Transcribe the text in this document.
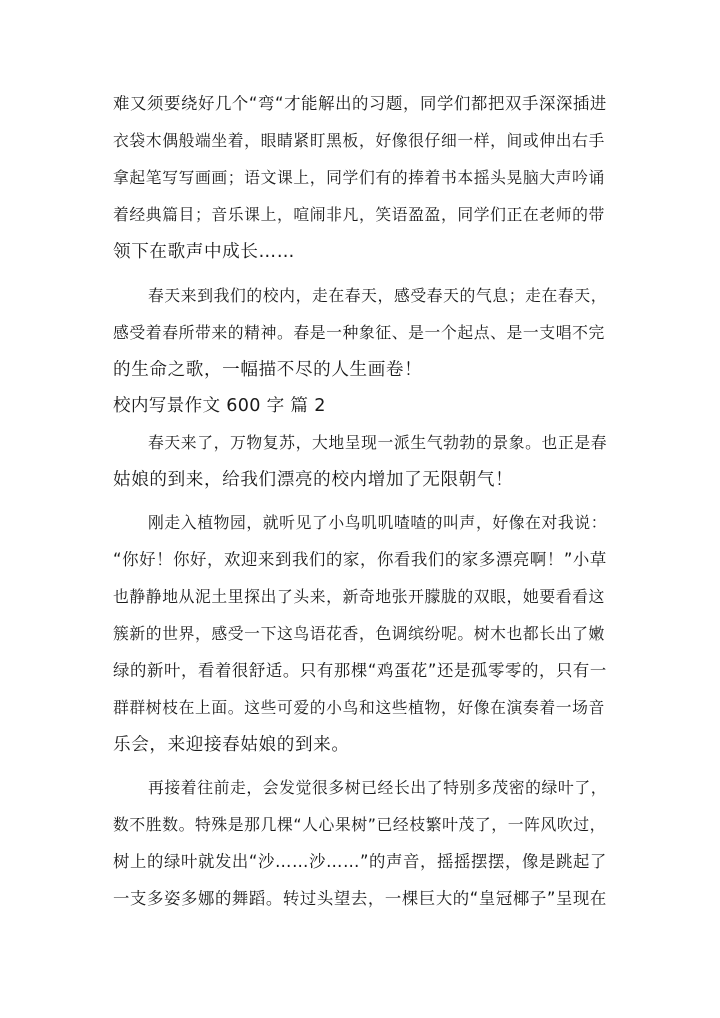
难又须要绕好几个“弯“才能解出的习题，同学们都把双手深深插进
衣袋木偶般端坐着，眼睛紧盯黑板，好像很仔细一样，间或伸出右手
拿起笔写写画画；语文课上，同学们有的捧着书本摇头晃脑大声吟诵
着经典篇目；音乐课上，喧闹非凡，笑语盈盈，同学们正在老师的带
领下在歌声中成长……
春天来到我们的校内，走在春天，感受春天的气息；走在春天，
感受着春所带来的精神。春是一种象征、是一个起点、是一支唱不完
的生命之歌，一幅描不尽的人生画卷！
校内写景作文 600 字 篇 2
春天来了，万物复苏，大地呈现一派生气勃勃的景象。也正是春
姑娘的到来，给我们漂亮的校内增加了无限朝气！
刚走入植物园，就听见了小鸟叽叽喳喳的叫声，好像在对我说：
“你好！你好，欢迎来到我们的家，你看我们的家多漂亮啊！”小草
也静静地从泥土里探出了头来，新奇地张开朦胧的双眼，她要看看这
簇新的世界，感受一下这鸟语花香，色调缤纷呢。树木也都长出了嫩
绿的新叶，看着很舒适。只有那棵“鸡蛋花”还是孤零零的，只有一
群群树枝在上面。这些可爱的小鸟和这些植物，好像在演奏着一场音
乐会，来迎接春姑娘的到来。
再接着往前走，会发觉很多树已经长出了特别多茂密的绿叶了，
数不胜数。特殊是那几棵“人心果树”已经枝繁叶茂了，一阵风吹过，
树上的绿叶就发出“沙……沙……”的声音，摇摇摆摆，像是跳起了
一支多姿多娜的舞蹈。转过头望去，一棵巨大的“皇冠椰子”呈现在
